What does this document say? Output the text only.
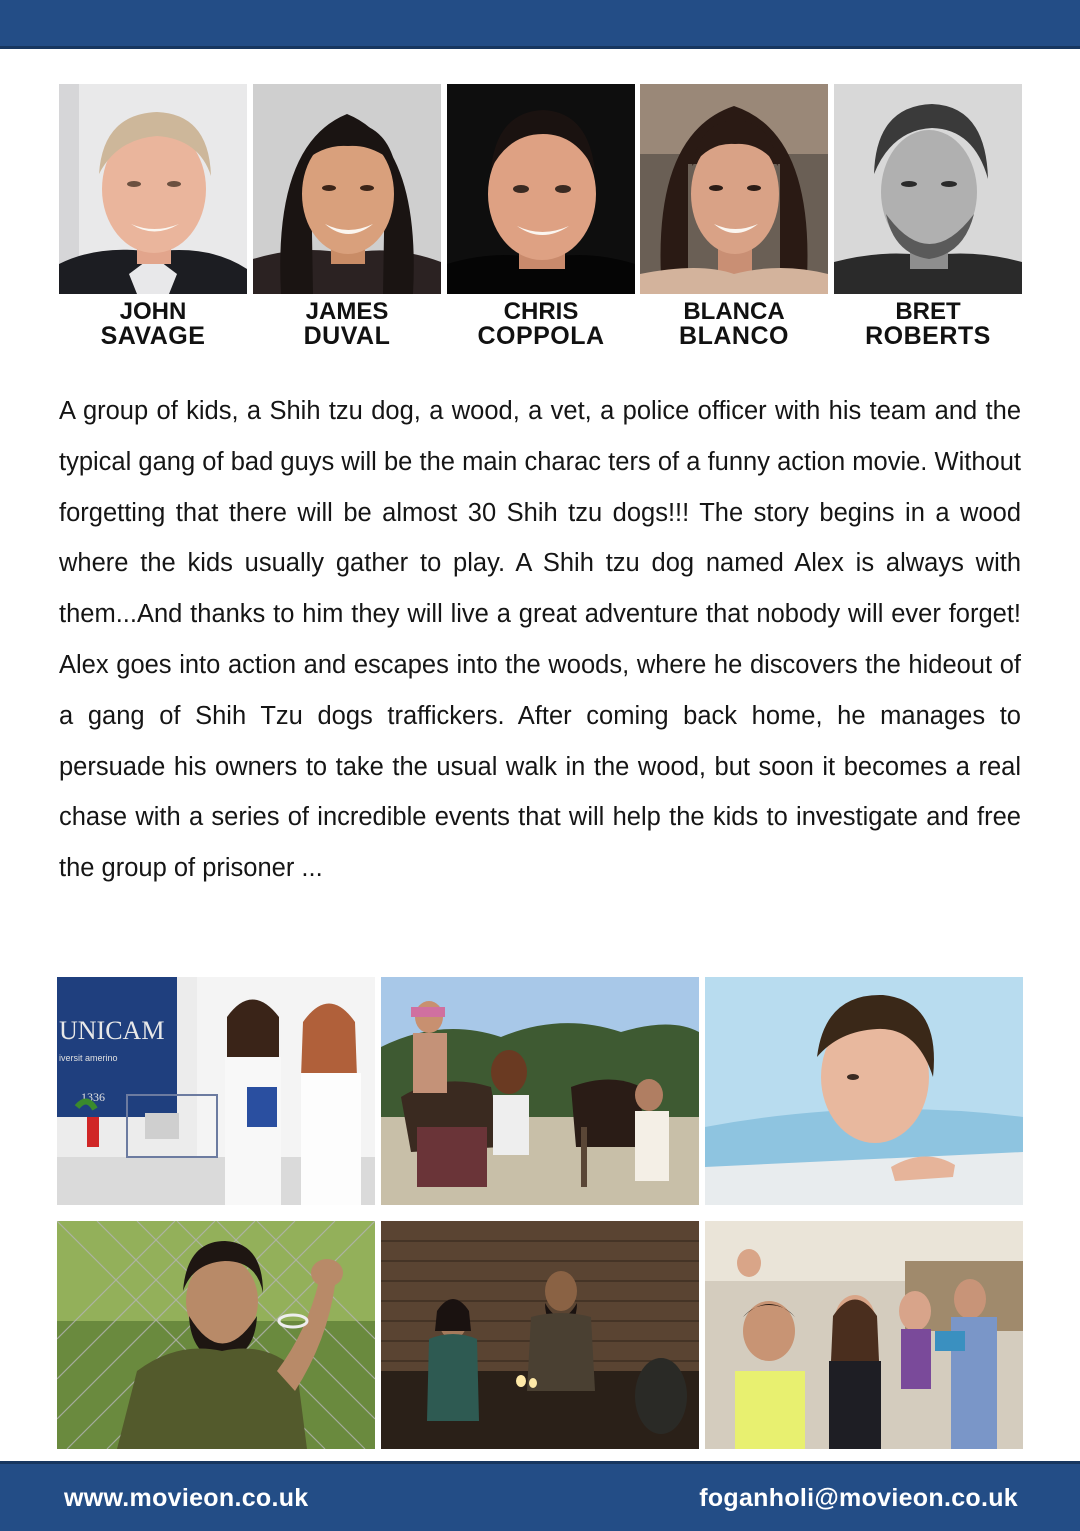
JOHN
SAVAGE
JAMES
DUVAL
CHRIS
COPPOLA
BLANCA
BLANCO
BRET
ROBERTS

A group of kids, a Shih tzu dog, a wood, a vet, a police officer with his team and the typical gang of bad guys will be the main charac ters of a funny action movie. Without forgetting that there will be almost 30 Shih tzu dogs!!! The story begins in a wood where the kids usually gather to play. A Shih tzu dog named Alex is always with them...And thanks to him they will live a great adventure that nobody will ever forget! Alex goes into action and escapes into the woods, where he discovers the hideout of a gang of Shih Tzu dogs traffickers. After coming back home, he manages to persuade his owners to take the usual walk in the wood, but soon it becomes a real chase with a series of incredible events that will help the kids to investigate and free the group of prisoner ...

UNICAM
iversit amerino
1336
www.movieon.co.uk	foganholi@movieon.co.uk
